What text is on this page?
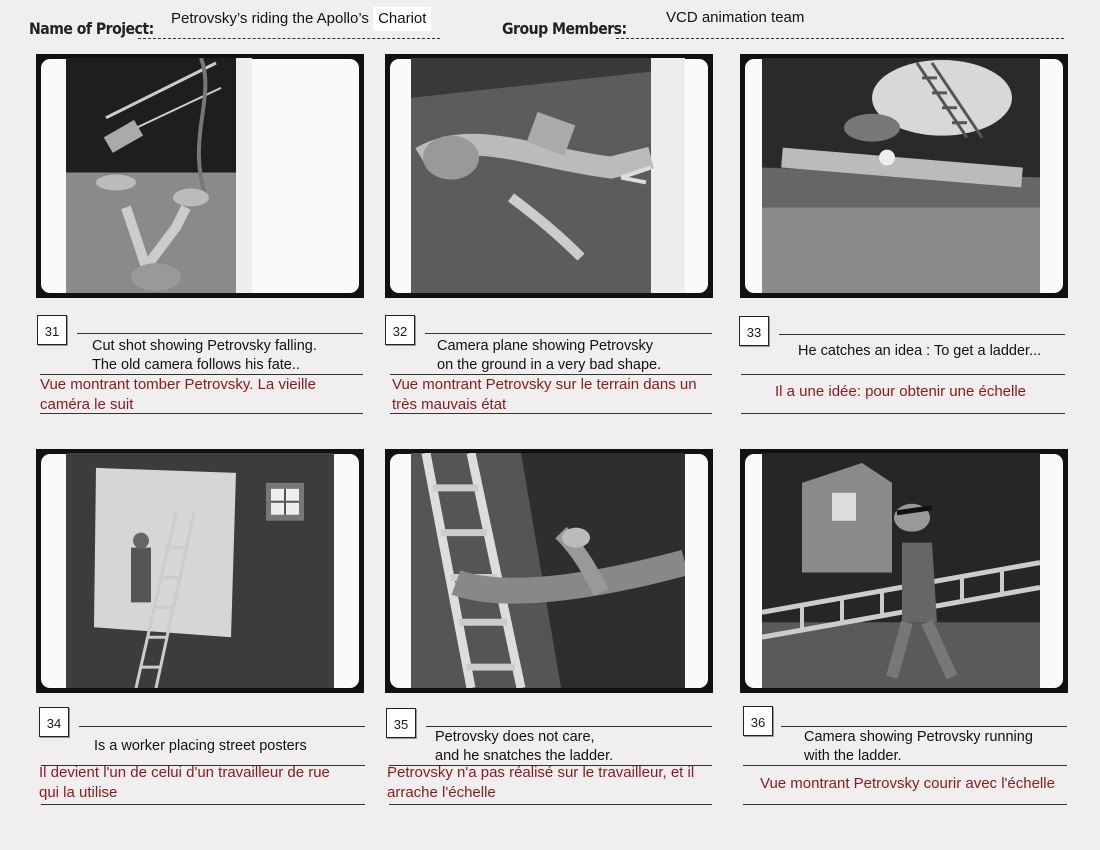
Name of Project:
Petrovsky’s riding the Apollo’s Chariot
Group Members:
VCD animation team
31
Cut shot showing Petrovsky falling.
The old camera follows his fate..
Vue montrant tomber Petrovsky. La vieille
caméra le suit
32
Camera plane showing Petrovsky
on the ground in a very bad shape.
Vue montrant Petrovsky sur le terrain dans un
très mauvais état
33
He catches an idea : To get a ladder...
Il a une idée: pour obtenir une échelle
34
Is a worker placing street posters
Il devient l'un de celui d'un travailleur de rue
qui la utilise
35
Petrovsky does not care,
and he snatches the ladder.
Petrovsky n'a pas réalisé sur le travailleur, et il
arrache l'échelle
36
Camera showing Petrovsky running
with the ladder.
Vue montrant Petrovsky courir avec l'échelle
